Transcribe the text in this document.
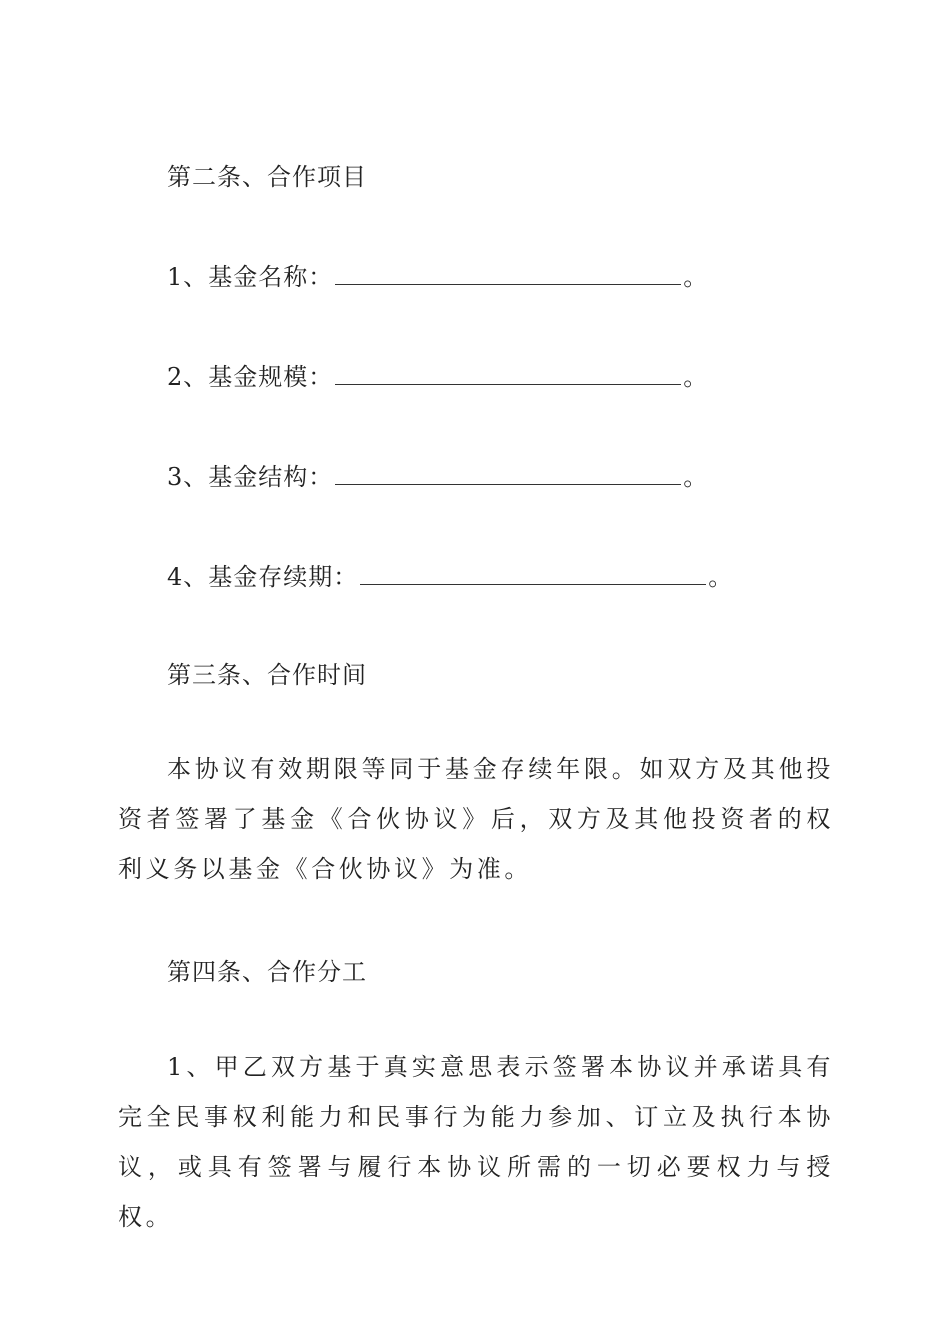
第二条、合作项目
1、基金名称：	。
2、基金规模：	。
3、基金结构：	。
4、基金存续期：	。
第三条、合作时间
本协议有效期限等同于基金存续年限。如双方及其他投资者签署了基金《合伙协议》后，双方及其他投资者的权利义务以基金《合伙协议》为准。
第四条、合作分工
1、甲乙双方基于真实意思表示签署本协议并承诺具有完全民事权利能力和民事行为能力参加、订立及执行本协议，或具有签署与履行本协议所需的一切必要权力与授权。
